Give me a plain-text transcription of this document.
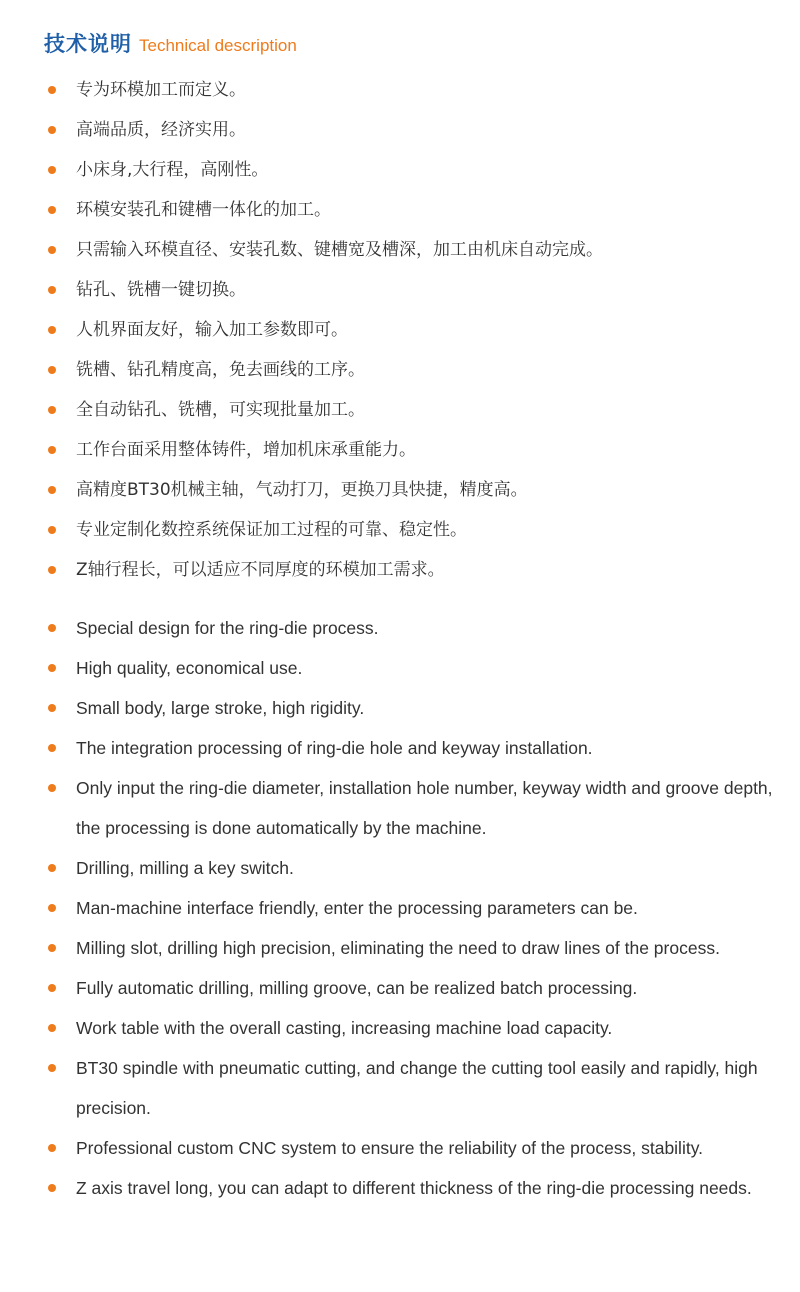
技术说明 Technical description
专为环模加工而定义。
高端品质，经济实用。
小床身,大行程，高刚性。
环模安装孔和键槽一体化的加工。
只需输入环模直径、安装孔数、键槽宽及槽深，加工由机床自动完成。
钻孔、铣槽一键切换。
人机界面友好，输入加工参数即可。
铣槽、钻孔精度高，免去画线的工序。
全自动钻孔、铣槽，可实现批量加工。
工作台面采用整体铸件，增加机床承重能力。
高精度BT30机械主轴，气动打刀，更换刀具快捷，精度高。
专业定制化数控系统保证加工过程的可靠、稳定性。
Z轴行程长，可以适应不同厚度的环模加工需求。
Special design for the ring-die process.
High quality, economical use.
Small body, large stroke, high rigidity.
The integration processing of ring-die hole and keyway installation.
Only input the ring-die diameter, installation hole number, keyway width and groove depth, the processing is done automatically by the machine.
Drilling, milling a key switch.
Man-machine interface friendly, enter the processing parameters can be.
Milling slot, drilling high precision, eliminating the need to draw lines of the process.
Fully automatic drilling, milling groove, can be realized batch processing.
Work table with the overall casting, increasing machine load capacity.
BT30 spindle with pneumatic cutting, and change the cutting tool easily and rapidly, high precision.
Professional custom CNC system to ensure the reliability of the process, stability.
Z axis travel long, you can adapt to different thickness of the ring-die processing needs.
